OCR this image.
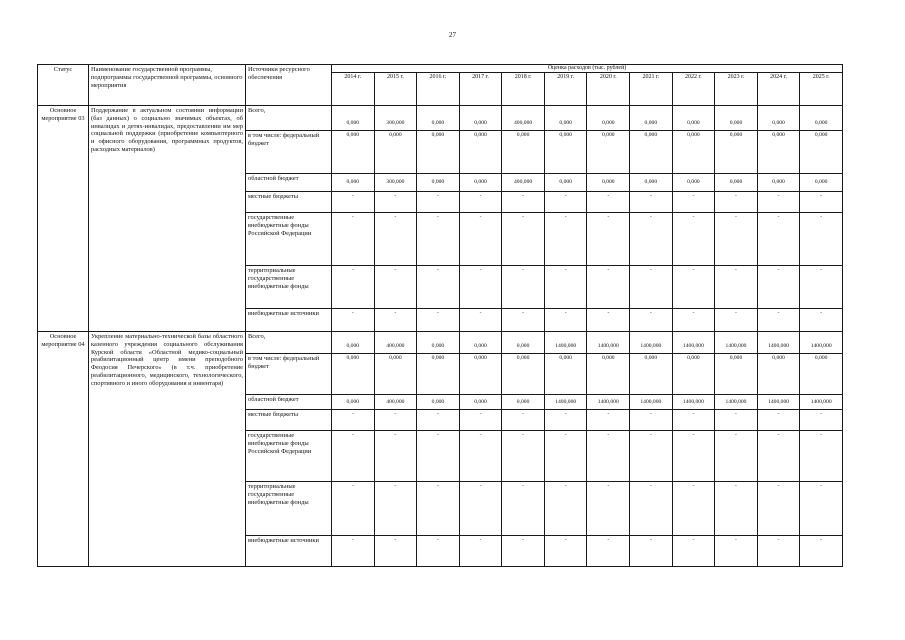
27
Статус	Наименование государственной программы, подпрограммы государственной программы, основного мероприятия	Источники ресурсного обеспечения	Оценка расходов (тыс. рублей)											
			2014 г.	2015 г.	2016 г.	2017 г.	2018 г.	2019 г.	2020 г.	2021 г.	2022 г.	2023 г.	2024 г.	2025 г.
Основное мероприятие 03	Поддержание в актуальном состоянии информации (баз данных) о социально значимых объектах, об инвалидах и детях-инвалидах, предоставлении им мер социальной поддержки (приобретение компьютерного и офисного оборудования, программных продуктов, расходных материалов)	Всего,	0,000	300,000	0,000	0,000	400,000	0,000	0,000	0,000	0,000	0,000	0,000	0,000
		в том числе: федеральный бюджет	0,000	0,000	0,000	0,000	0,000	0,000	0,000	0,000	0,000	0,000	0,000	0,000
		областной бюджет	0,000	300,000	0,000	0,000	400,000	0,000	0,000	0,000	0,000	0,000	0,000	0,000
		местные бюджеты	-	-	-	-	-	-	-	-	-	-	-	-
		государственные внебюджетные фонды Российской Федерации	-	-	-	-	-	-	-	-	-	-	-	-
		территориальные государственные внебюджетные фонды	-	-	-	-	-	-	-	-	-	-	-	-
		внебюджетные источники	-	-	-	-	-	-	-	-	-	-	-	-
Основное мероприятие 04	Укрепление материально-технической базы областного казенного учреждения социального обслуживания Курской области «Областной медико-социальный реабилитационный центр имени преподобного Феодосия Печерского» (в т.ч. приобретение реабилитационного, медицинского, технологического, спортивного и иного оборудования и инвентаря)	Всего,	0,000	400,000	0,000	0,000	0,000	1400,000	1400,000	1400,000	1400,000	1400,000	1400,000	1400,000
		в том числе: федеральный бюджет	0,000	0,000	0,000	0,000	0,000	0,000	0,000	0,000	0,000	0,000	0,000	0,000
		областной бюджет	0,000	400,000	0,000	0,000	0,000	1400,000	1400,000	1400,000	1400,000	1400,000	1400,000	1400,000
		местные бюджеты	-	-	-	-	-	-	-	-	-	-	-	-
		государственные внебюджетные фонды Российской Федерации	-	-	-	-	-	-	-	-	-	-	-	-
		территориальные государственные внебюджетные фонды	-	-	-	-	-	-	-	-	-	-	-	-
		внебюджетные источники	-	-	-	-	-	-	-	-	-	-	-	-
